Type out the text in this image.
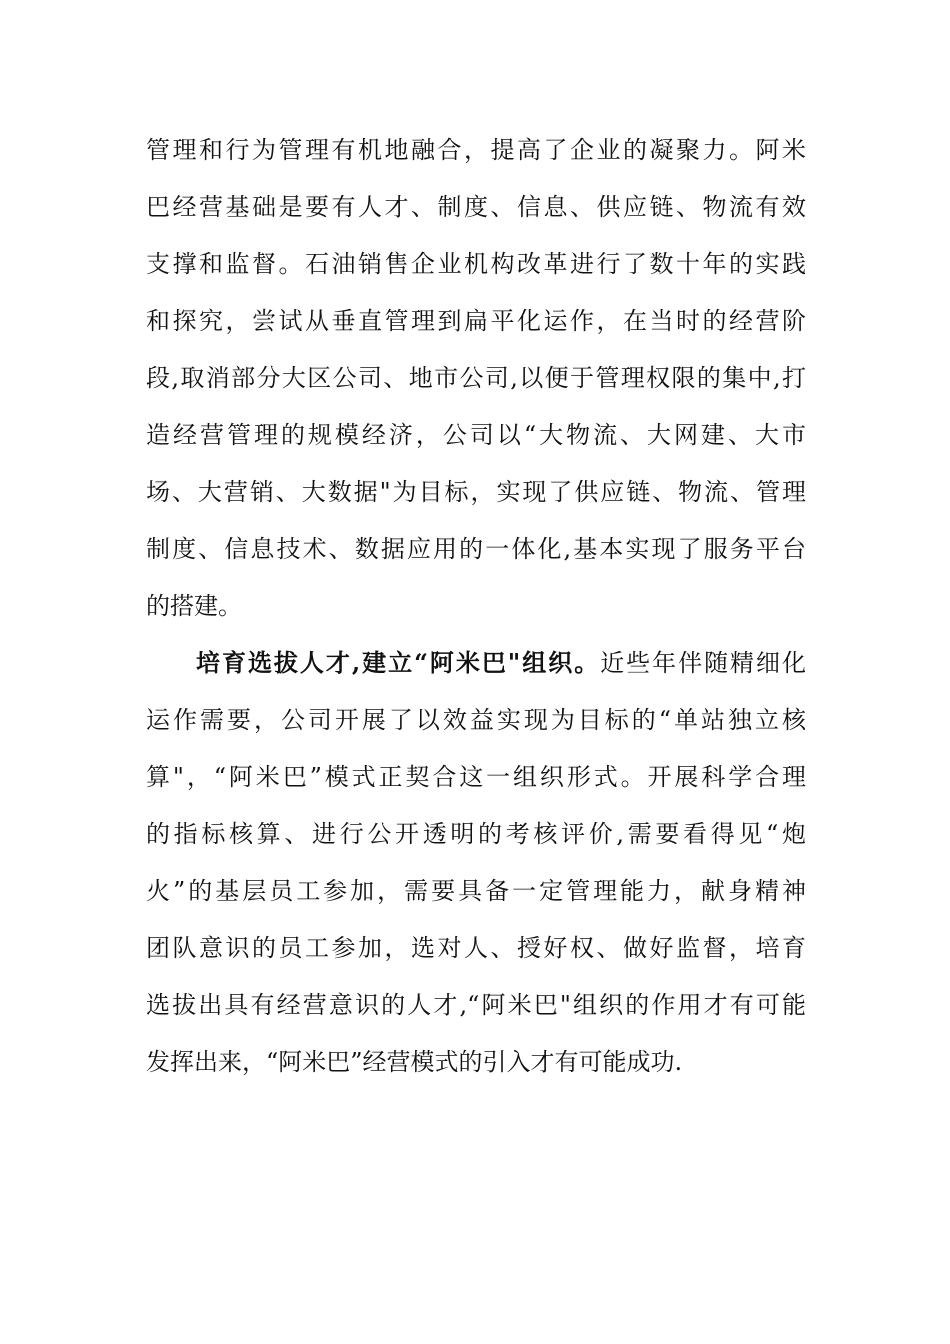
管理和行为管理有机地融合，提高了企业的凝聚力。阿米
巴经营基础是要有人才、制度、信息、供应链、物流有效
支撑和监督。石油销售企业机构改革进行了数十年的实践
和探究，尝试从垂直管理到扁平化运作，在当时的经营阶
段,取消部分大区公司、地市公司,以便于管理权限的集中,打
造经营管理的规模经济，公司以“大物流、大网建、大市
场、大营销、大数据"为目标，实现了供应链、物流、管理
制度、信息技术、数据应用的一体化,基本实现了服务平台
的搭建。
培育选拔人才,建立“阿米巴"组织。近些年伴随精细化
运作需要，公司开展了以效益实现为目标的“单站独立核
算"，“阿米巴”模式正契合这一组织形式。开展科学合理
的指标核算、进行公开透明的考核评价,需要看得见“炮
火”的基层员工参加，需要具备一定管理能力，献身精神
团队意识的员工参加，选对人、授好权、做好监督，培育
选拔出具有经营意识的人才,“阿米巴"组织的作用才有可能
发挥出来，“阿米巴”经营模式的引入才有可能成功.
